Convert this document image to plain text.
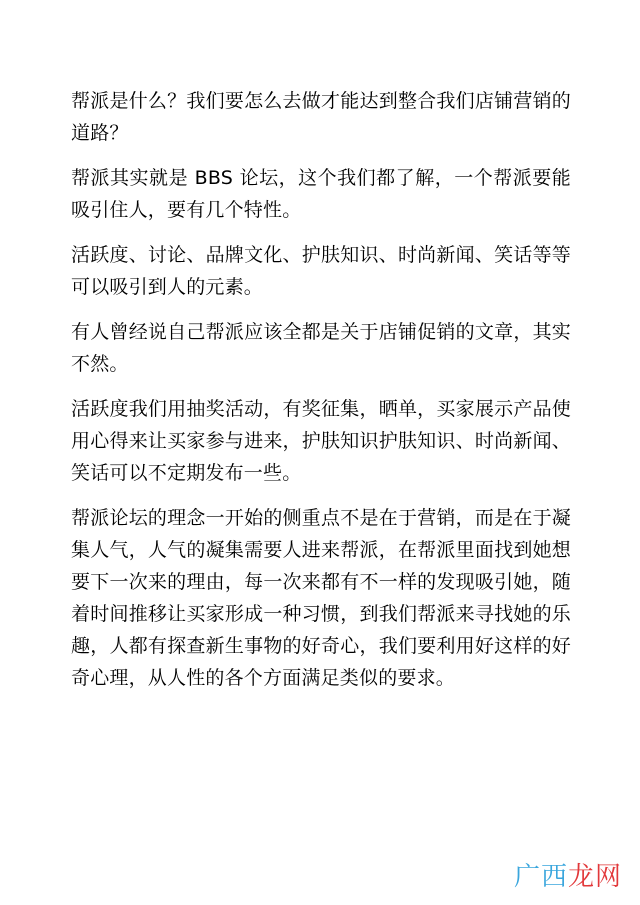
帮派是什么？我们要怎么去做才能达到整合我们店铺营销的道路？

帮派其实就是 BBS 论坛，这个我们都了解，一个帮派要能吸引住人，要有几个特性。

活跃度、讨论、品牌文化、护肤知识、时尚新闻、笑话等等可以吸引到人的元素。

有人曾经说自己帮派应该全都是关于店铺促销的文章，其实不然。

活跃度我们用抽奖活动，有奖征集，晒单，买家展示产品使用心得来让买家参与进来，护肤知识护肤知识、时尚新闻、笑话可以不定期发布一些。

帮派论坛的理念一开始的侧重点不是在于营销，而是在于凝集人气，人气的凝集需要人进来帮派，在帮派里面找到她想要下一次来的理由，每一次来都有不一样的发现吸引她，随着时间推移让买家形成一种习惯，到我们帮派来寻找她的乐趣，人都有探查新生事物的好奇心，我们要利用好这样的好奇心理，从人性的各个方面满足类似的要求。

广西龙网
